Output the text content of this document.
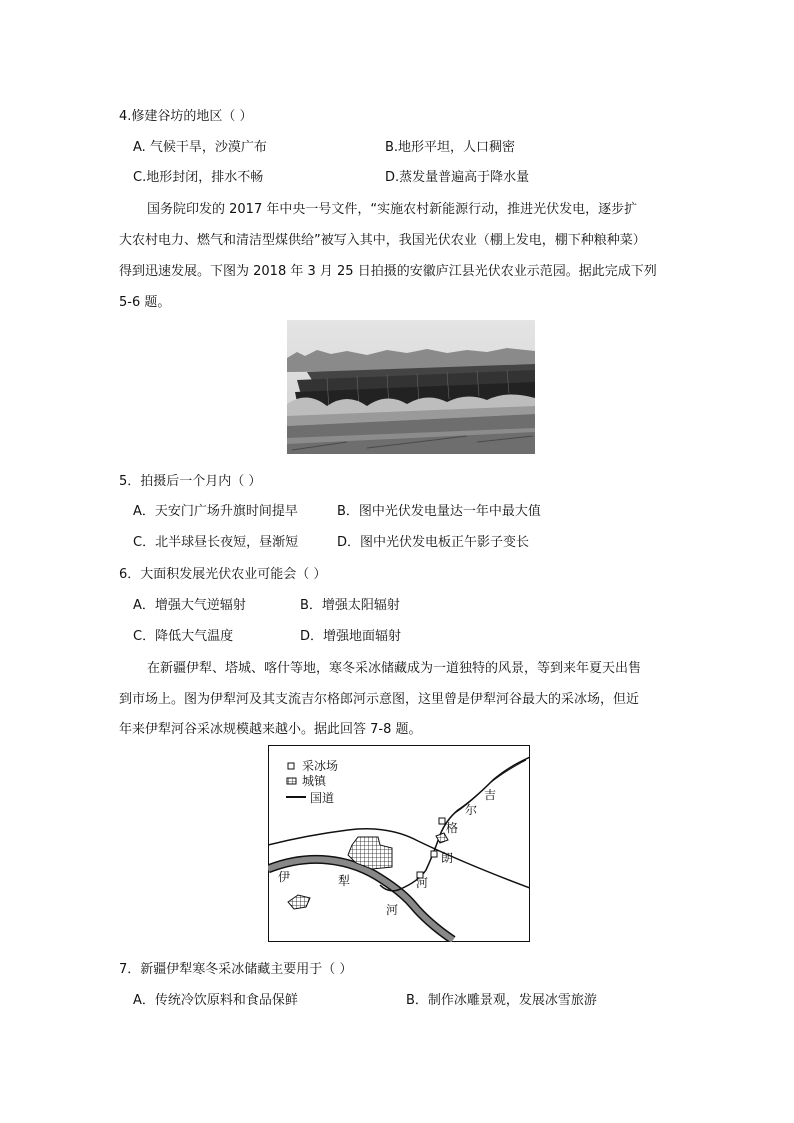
4.修建谷坊的地区（ ）
A. 气候干旱，沙漠广布	B.地形平坦，人口稠密
C.地形封闭，排水不畅	D.蒸发量普遍高于降水量
国务院印发的 2017 年中央一号文件，“实施农村新能源行动，推进光伏发电，逐步扩
大农村电力、燃气和清洁型煤供给”被写入其中，我国光伏农业（棚上发电，棚下种粮种菜）
得到迅速发展。下图为 2018 年 3 月 25 日拍摄的安徽庐江县光伏农业示范园。据此完成下列
5-6 题。
5．拍摄后一个月内（ ）
A．天安门广场升旗时间提早	B．图中光伏发电量达一年中最大值
C．北半球昼长夜短，昼渐短	D．图中光伏发电板正午影子变长
6．大面积发展光伏农业可能会（ ）
A．增强大气逆辐射	B．增强太阳辐射
C．降低大气温度	D．增强地面辐射
在新疆伊犁、塔城、喀什等地，寒冬采冰储藏成为一道独特的风景，等到来年夏天出售
到市场上。图为伊犁河及其支流吉尔格郎河示意图，这里曾是伊犁河谷最大的采冰场，但近
年来伊犁河谷采冰规模越来越小。据此回答 7-8 题。
采冰场
城镇
国道	吉
尔
格
朗
河
伊	犁
河
7．新疆伊犁寒冬采冰储藏主要用于（ ）
A．传统冷饮原料和食品保鲜	B．制作冰雕景观，发展冰雪旅游
